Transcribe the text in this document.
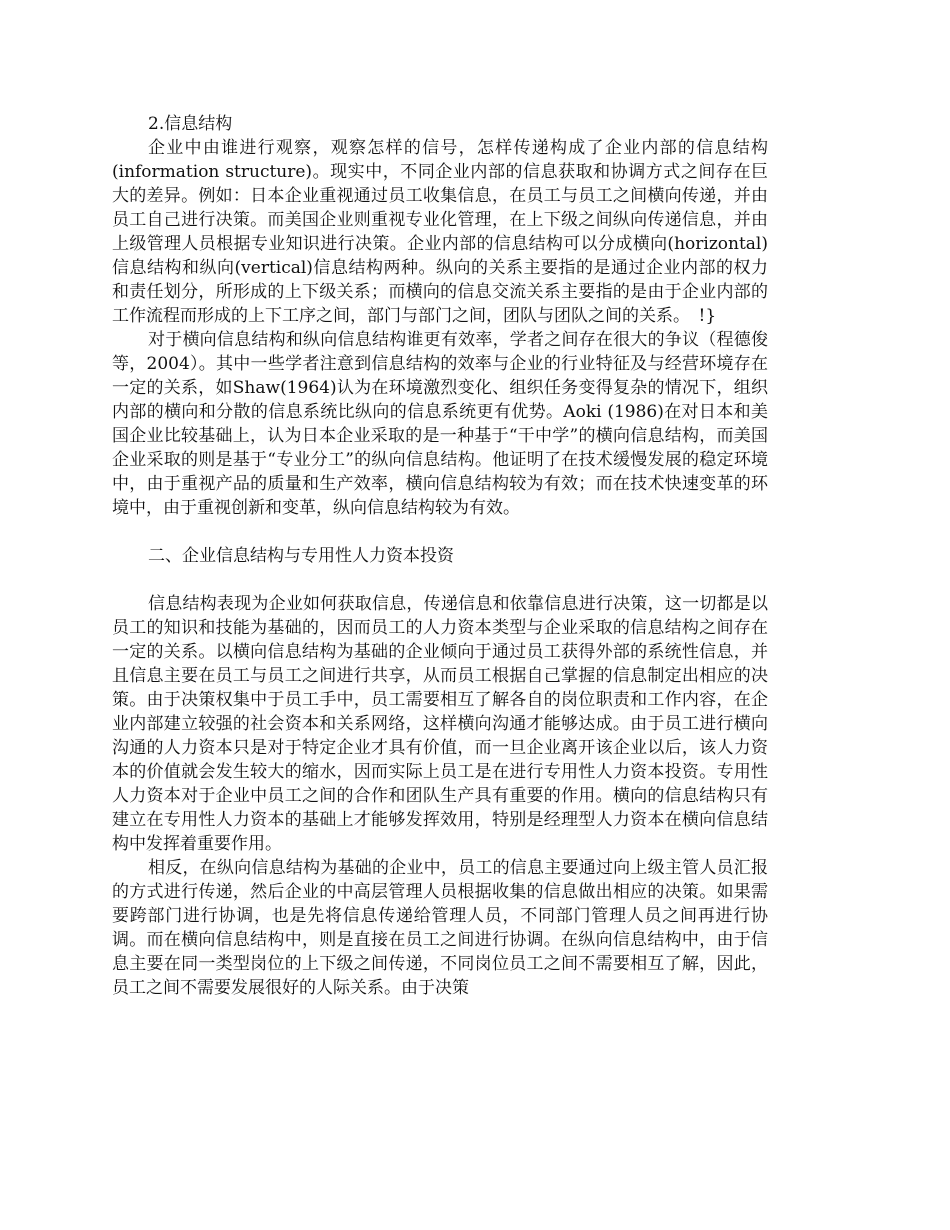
2.信息结构

企业中由谁进行观察，观察怎样的信号，怎样传递构成了企业内部的信息结构(information structure)。现实中，不同企业内部的信息获取和协调方式之间存在巨大的差异。例如：日本企业重视通过员工收集信息，在员工与员工之间横向传递，并由员工自己进行决策。而美国企业则重视专业化管理，在上下级之间纵向传递信息，并由上级管理人员根据专业知识进行决策。企业内部的信息结构可以分成横向(horizontal)信息结构和纵向(vertical)信息结构两种。纵向的关系主要指的是通过企业内部的权力和责任划分，所形成的上下级关系；而横向的信息交流关系主要指的是由于企业内部的工作流程而形成的上下工序之间，部门与部门之间，团队与团队之间的关系。　!}

对于横向信息结构和纵向信息结构谁更有效率，学者之间存在很大的争议（程德俊等，2004）。其中一些学者注意到信息结构的效率与企业的行业特征及与经营环境存在一定的关系，如Shaw(1964)认为在环境激烈变化、组织任务变得复杂的情况下，组织内部的横向和分散的信息系统比纵向的信息系统更有优势。Aoki (1986)在对日本和美国企业比较基础上，认为日本企业采取的是一种基于“干中学”的横向信息结构，而美国企业采取的则是基于“专业分工”的纵向信息结构。他证明了在技术缓慢发展的稳定环境中，由于重视产品的质量和生产效率，横向信息结构较为有效；而在技术快速变革的环境中，由于重视创新和变革，纵向信息结构较为有效。

二、企业信息结构与专用性人力资本投资

信息结构表现为企业如何获取信息，传递信息和依靠信息进行决策，这一切都是以员工的知识和技能为基础的，因而员工的人力资本类型与企业采取的信息结构之间存在一定的关系。以横向信息结构为基础的企业倾向于通过员工获得外部的系统性信息，并且信息主要在员工与员工之间进行共享，从而员工根据自己掌握的信息制定出相应的决策。由于决策权集中于员工手中，员工需要相互了解各自的岗位职责和工作内容，在企业内部建立较强的社会资本和关系网络，这样横向沟通才能够达成。由于员工进行横向沟通的人力资本只是对于特定企业才具有价值，而一旦企业离开该企业以后，该人力资本的价值就会发生较大的缩水，因而实际上员工是在进行专用性人力资本投资。专用性人力资本对于企业中员工之间的合作和团队生产具有重要的作用。横向的信息结构只有建立在专用性人力资本的基础上才能够发挥效用，特别是经理型人力资本在横向信息结构中发挥着重要作用。

相反，在纵向信息结构为基础的企业中，员工的信息主要通过向上级主管人员汇报的方式进行传递，然后企业的中高层管理人员根据收集的信息做出相应的决策。如果需要跨部门进行协调，也是先将信息传递给管理人员，不同部门管理人员之间再进行协调。而在横向信息结构中，则是直接在员工之间进行协调。在纵向信息结构中，由于信息主要在同一类型岗位的上下级之间传递，不同岗位员工之间不需要相互了解，因此，员工之间不需要发展很好的人际关系。由于决策
